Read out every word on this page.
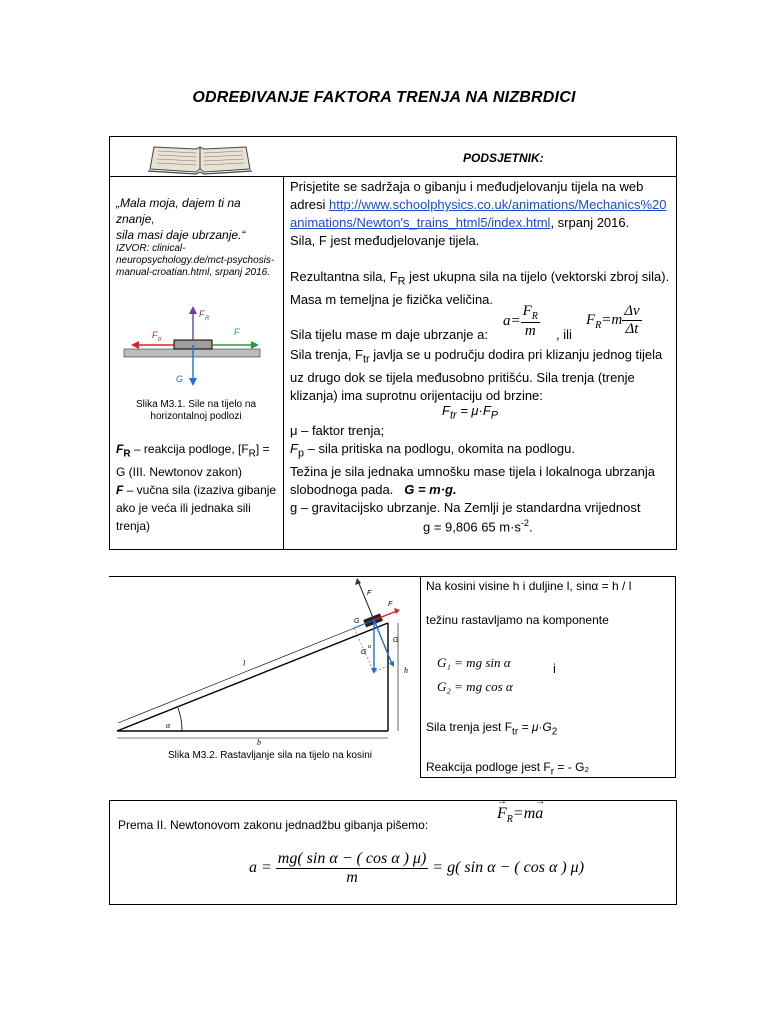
ODREĐIVANJE FAKTORA TRENJA NA NIZBRDICI
PODSJETNIK:
„Mala moja, dajem ti na znanje,
sila masi daje ubrzanje.“
IZVOR: clinical-neuropsychology.de/mct-psychosis-manual-croatian.html, srpanj 2016.
F R
F tr
F
G
Slika M3.1. Sile na tijelo na horizontalnoj podlozi
$F_R$ – reakcija podloge, $[F_R] = G$ (III. Newtonov zakon)
F – vučna sila (izaziva gibanje ako je veća ili jednaka sili trenja)
Prisjetite se sadržaja o gibanju i međudjelovanju tijela na web adresi http://www.schoolphysics.co.uk/animations/Mechanics%20animations/Newton's_trains_html5/index.html, srpanj 2016.
Sila, F jest međudjelovanje tijela.
Rezultantna sila, $F_R$ jest ukupna sila na tijelo (vektorski zbroj sila).
Masa m temeljna je fizička veličina.
Sila tijelu mase m daje ubrzanje a:
$a= \frac{F_R}{m}$ , ili
$F_R=m \frac{\Delta v}{\Delta t}$
Sila trenja, $F_{tr}$ javlja se u području dodira pri klizanju jednog tijela uz drugo dok se tijela međusobno pritišću. Sila trenja (trenje klizanja) ima suprotnu orijentaciju od brzine:
$F_{tr} = \mu\cdot F_P$
μ – faktor trenja;
$F_p$ – sila pritiska na podlogu, okomita na podlogu.
Težina je sila jednaka umnošku mase tijela i lokalnoga ubrzanja slobodnoga pada. G = m·g.
g – gravitacijsko ubrzanje. Na Zemlji je standardna vrijednost
g = 9,806 65 $m\cdot s^{-2}$.
α
l
b
h
F
F
G
G
G
α
Slika M3.2. Rastavljanje sila na tijelo na kosini
Na kosini visine h i duljine l, sinα = h / l
težinu rastavljamo na komponente
G₁ = mg sin α
G₂ = mg cos α
i
Sila trenja jest $F_{tr} = \mu\cdot G_2$
Reakcija podloge jest $F_r$ = - G₂
Prema II. Newtonovom zakonu jednadžbu gibanja pišemo:
F
→
$_R$=ma
→
$a = \frac{\text{mg( sin α − ( cos α ) μ)}}{m} = g$( sin α − ( cos α ) μ)
